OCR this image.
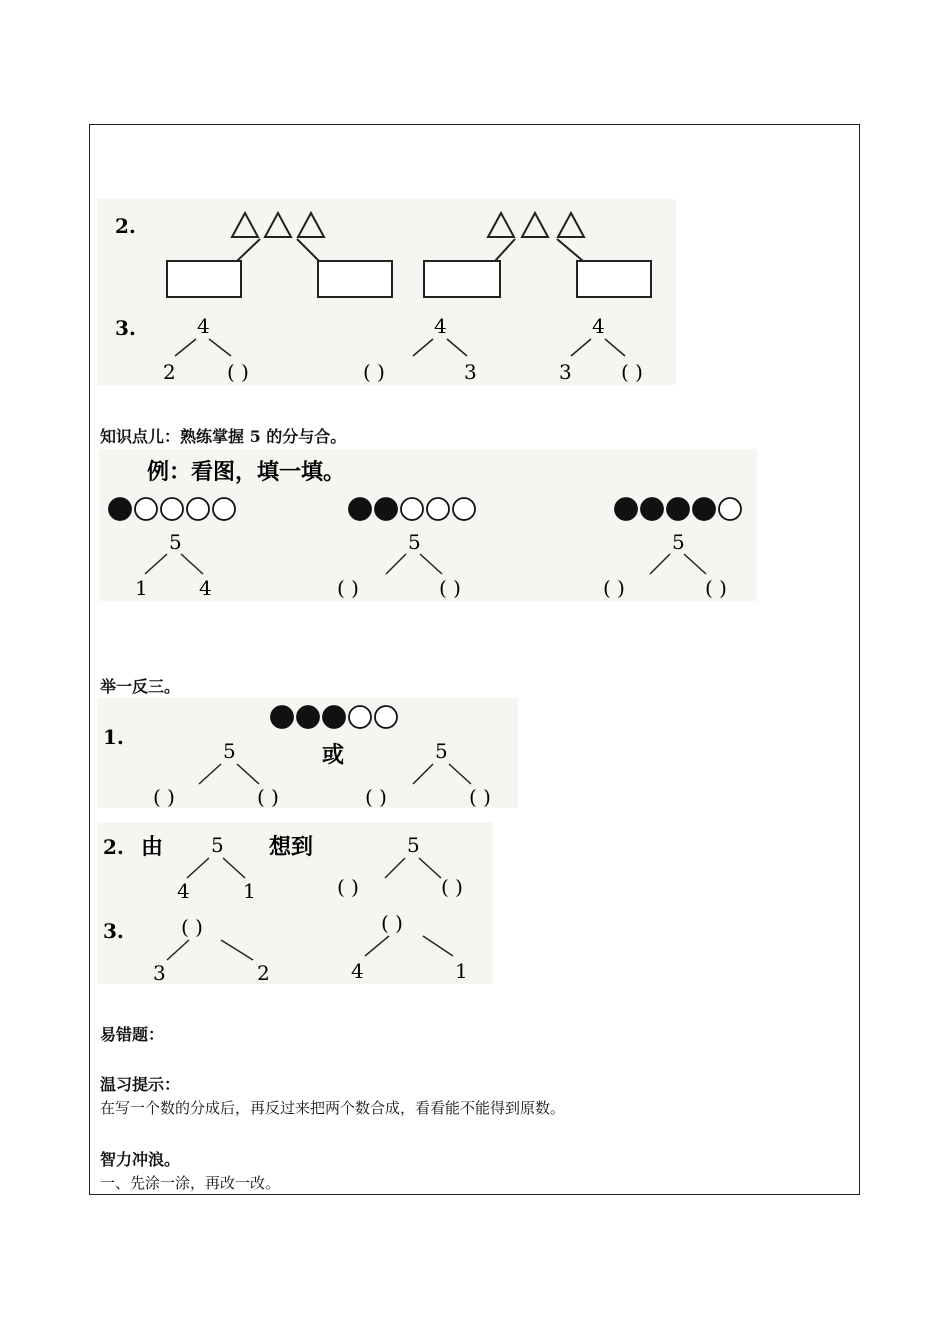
2.
3.	4
2	( )
4
( )	3
4
3 ( )
知识点儿：熟练掌握 5 的分与合。
例：看图，填一填。
5
1	4
5
( )	( )
5
( )	( )
举一反三。
1.
或
5
( )	( )
5
( )	( )
2. 由	想到
3.
5
4	1
5
( )	( )
( )
3	2
( )
4	1
易错题：
温习提示：
在写一个数的分成后，再反过来把两个数合成，看看能不能得到原数。
智力冲浪。
一、先涂一涂，再改一改。
